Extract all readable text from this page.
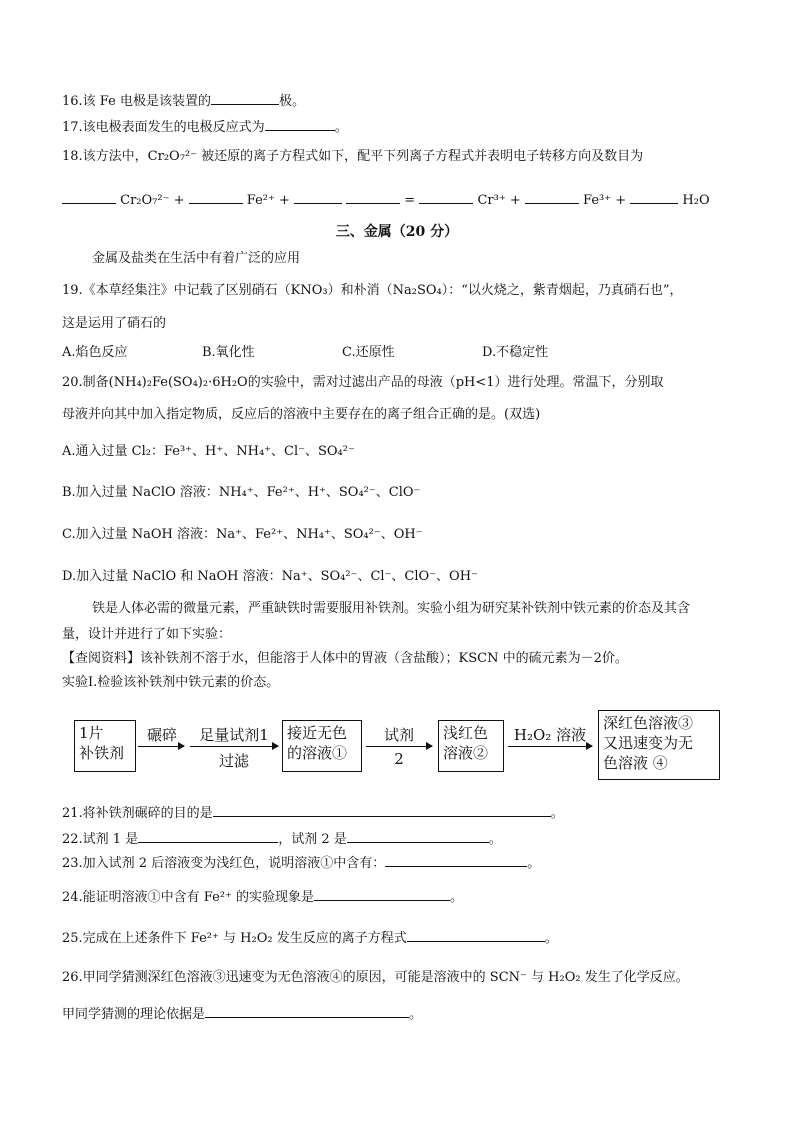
16.该 Fe 电极是该装置的	极。
17.该电极表面发生的电极反应式为	。
18.该方法中，Cr₂O₇²⁻ 被还原的离子方程式如下，配平下列离子方程式并表明电子转移方向及数目为
Cr₂O₇²⁻ +	Fe²⁺ +	=	Cr³⁺ +	Fe³⁺ +	H₂O
三、金属（20 分）
金属及盐类在生活中有着广泛的应用
19.《本草经集注》中记载了区别硝石（KNO₃）和朴消（Na₂SO₄）：“以火烧之，紫青烟起，乃真硝石也”，
这是运用了硝石的
A.焰色反应	B.氧化性	C.还原性	D.不稳定性
20.制备(NH₄)₂Fe(SO₄)₂·6H₂O的实验中，需对过滤出产品的母液（pH<1）进行处理。常温下，分别取
母液并向其中加入指定物质，反应后的溶液中主要存在的离子组合正确的是。(双选)
A.通入过量 Cl₂：Fe³⁺、H⁺、NH₄⁺、Cl⁻、SO₄²⁻
B.加入过量 NaClO 溶液：NH₄⁺、Fe²⁺、H⁺、SO₄²⁻、ClO⁻
C.加入过量 NaOH 溶液：Na⁺、Fe²⁺、NH₄⁺、SO₄²⁻、OH⁻
D.加入过量 NaClO 和 NaOH 溶液：Na⁺、SO₄²⁻、Cl⁻、ClO⁻、OH⁻
铁是人体必需的微量元素，严重缺铁时需要服用补铁剂。实验小组为研究某补铁剂中铁元素的价态及其含
量，设计并进行了如下实验：
【查阅资料】该补铁剂不溶于水，但能溶于人体中的胃液（含盐酸）；KSCN 中的硫元素为－2价。
实验Ⅰ.检验该补铁剂中铁元素的价态。
1片
补铁剂
碾碎	足量试剂1
过滤
接近无色
的溶液①
试剂
2
浅红色
溶液②
H₂O₂ 溶液
深红色溶液③
又迅速变为无
色溶液 ④
21.将补铁剂碾碎的目的是	。
22.试剂 1 是	，试剂 2 是	。
23.加入试剂 2 后溶液变为浅红色，说明溶液①中含有：	。
24.能证明溶液①中含有 Fe²⁺ 的实验现象是	。
25.完成在上述条件下 Fe²⁺ 与 H₂O₂ 发生反应的离子方程式	。
26.甲同学猜测深红色溶液③迅速变为无色溶液④的原因，可能是溶液中的 SCN⁻ 与 H₂O₂ 发生了化学反应。
甲同学猜测的理论依据是	。
